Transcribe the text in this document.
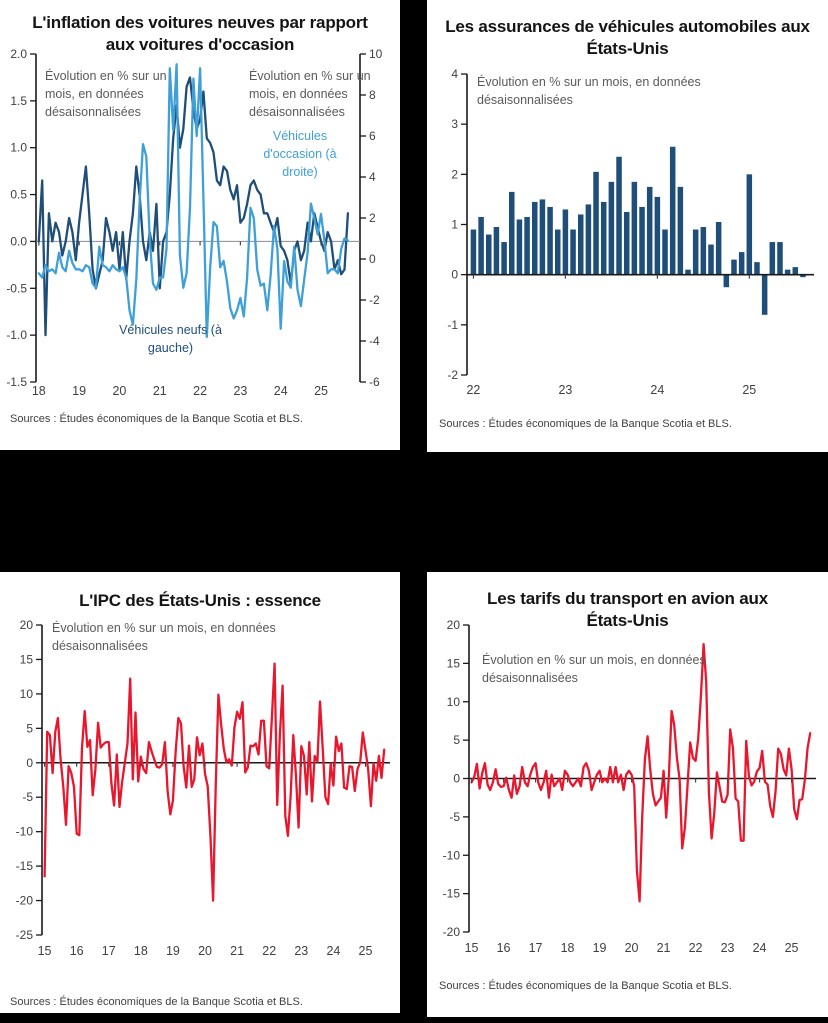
L'inflation des voitures neuves par rapport aux voitures d'occasion
2.0
1.5
1.0
0.5
0.0
-0.5
-1.0
-1.5
10
8
6
4
2
0
-2
-4
-6
18 19 20 21 22 23 24 25
Évolution en % sur un mois, en données désaisonnalisées
Évolution en % sur un mois, en données désaisonnalisées
Véhicules d'occasion (à droite)
Véhicules neufs (à gauche)
Sources : Études économiques de la Banque Scotia et BLS.
Les assurances de véhicules automobiles aux États-Unis
4
3
2
1
0
-1
-2
22	23	24	25
Évolution en % sur un mois, en données désaisonnalisées
Sources : Études économiques de la Banque Scotia et BLS.
L'IPC des États-Unis : essence
20
15
10
5
0
-5
-10
-15
-20
-25
15 16 17 18 19 20 21 22 23 24 25
Évolution en % sur un mois, en données désaisonnalisées
Sources : Études économiques de la Banque Scotia et BLS.
Les tarifs du transport en avion aux États-Unis
20
15
10
5
0
-5
-10
-15
-20
15 16 17 18 19 20 21 22 23 24 25
Évolution en % sur un mois, en données désaisonnalisées
Sources : Études économiques de la Banque Scotia et BLS.
